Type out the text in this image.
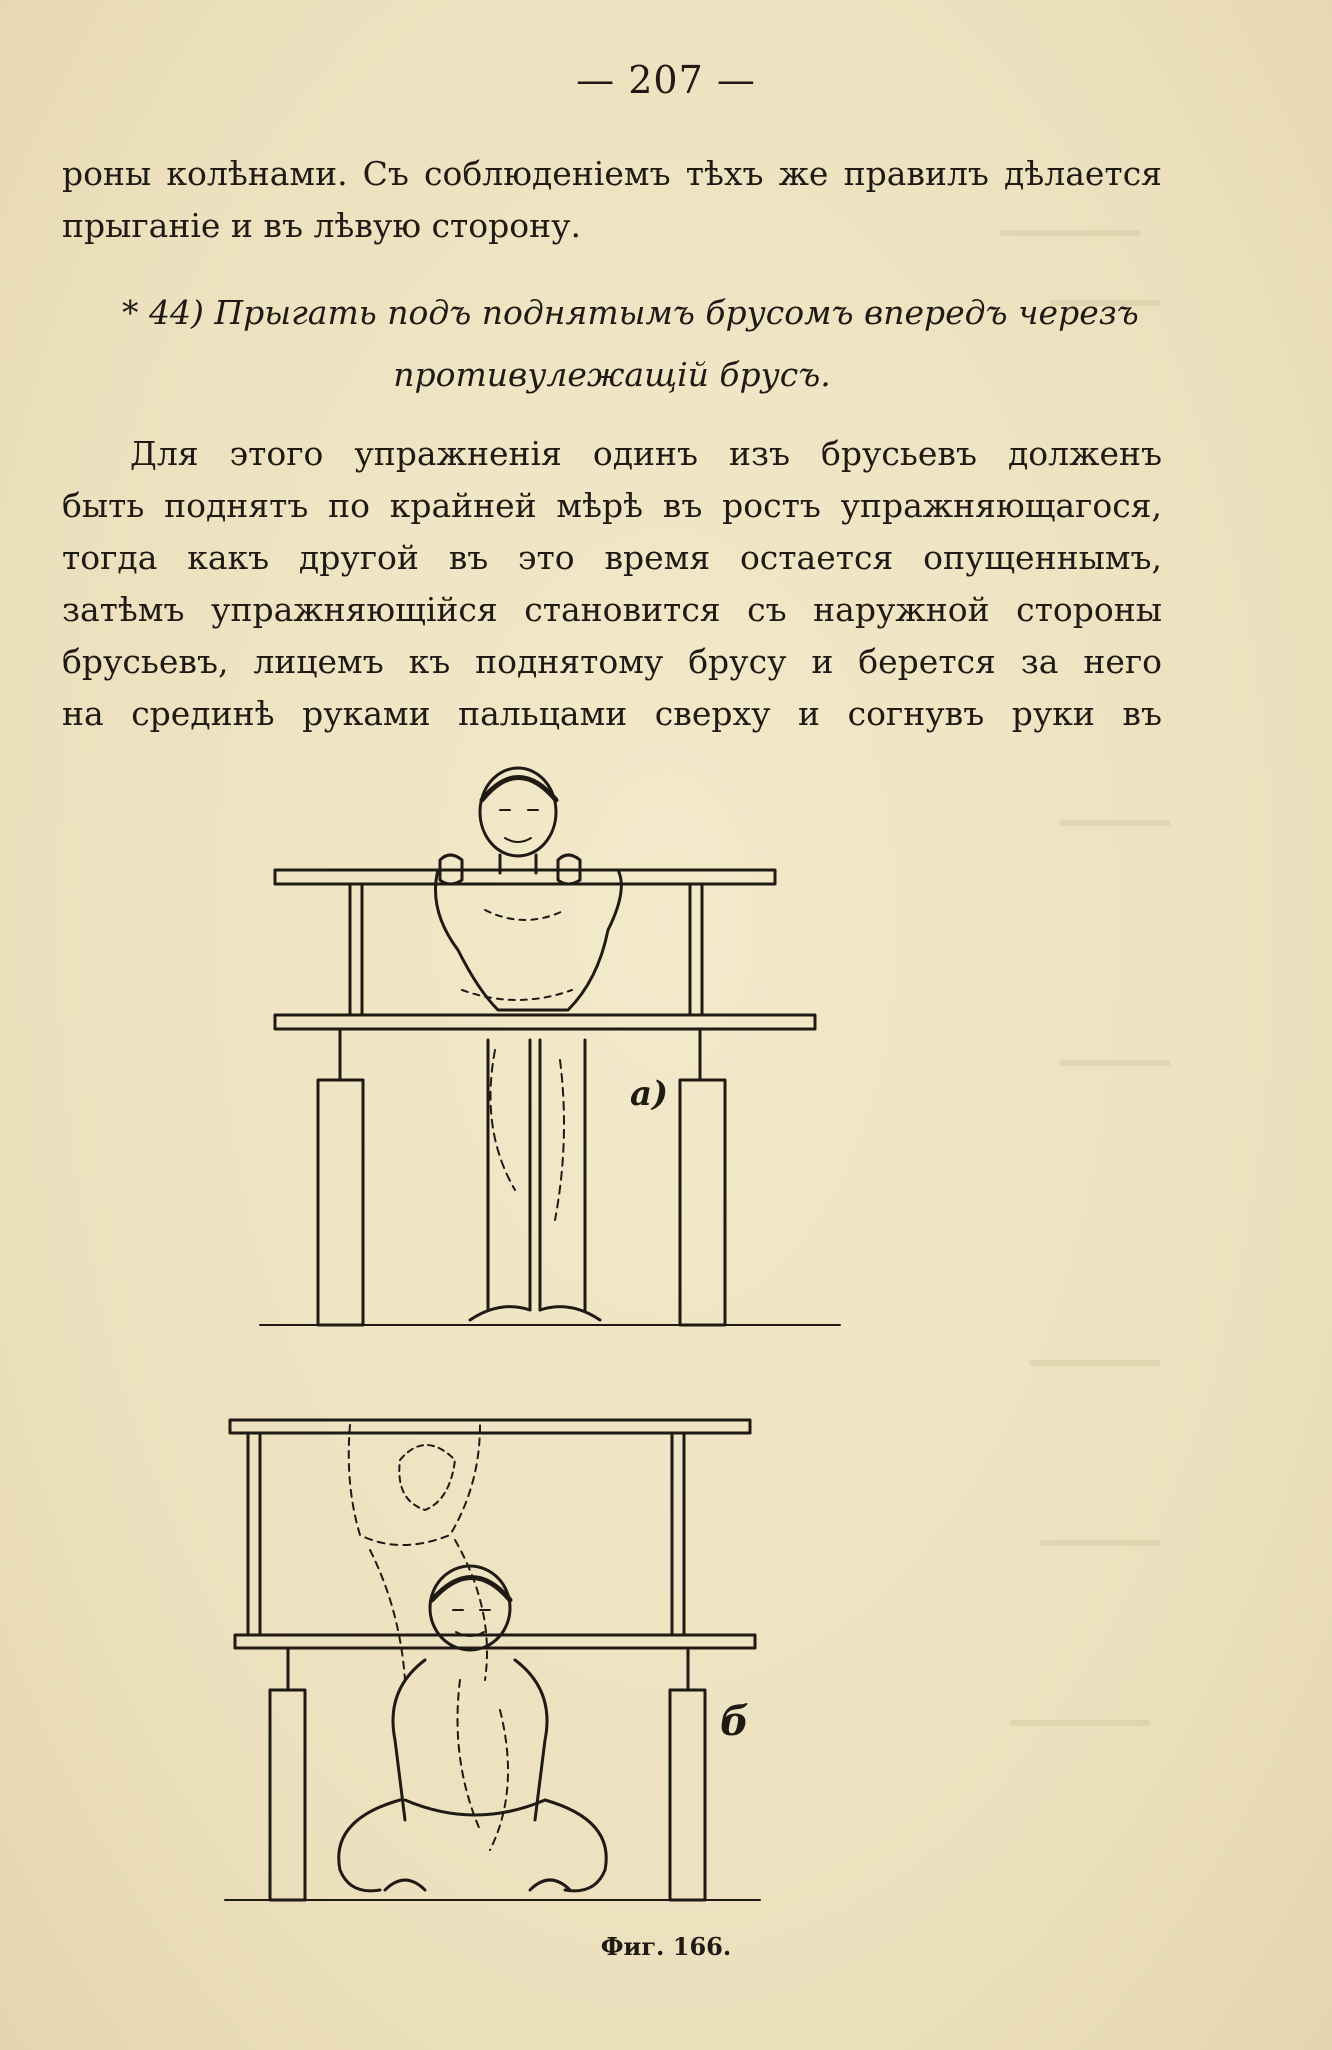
— 207 —
роны колѣнами. Съ соблюденіемъ тѣхъ же правилъ дѣлается
прыганіе и въ лѣвую сторону.
* 44) Прыгать подъ поднятымъ брусомъ впередъ черезъ
противулежащій брусъ.
Для этого упражненія одинъ изъ брусьевъ долженъ
быть поднятъ по крайней мѣрѣ въ ростъ упражняющагося,
тогда какъ другой въ это время остается опущеннымъ,
затѣмъ упражняющійся становится съ наружной стороны
брусьевъ, лицемъ къ поднятому брусу и берется за него
на срединѣ руками пальцами сверху и согнувъ руки въ
а)
б
Фиг. 166.
